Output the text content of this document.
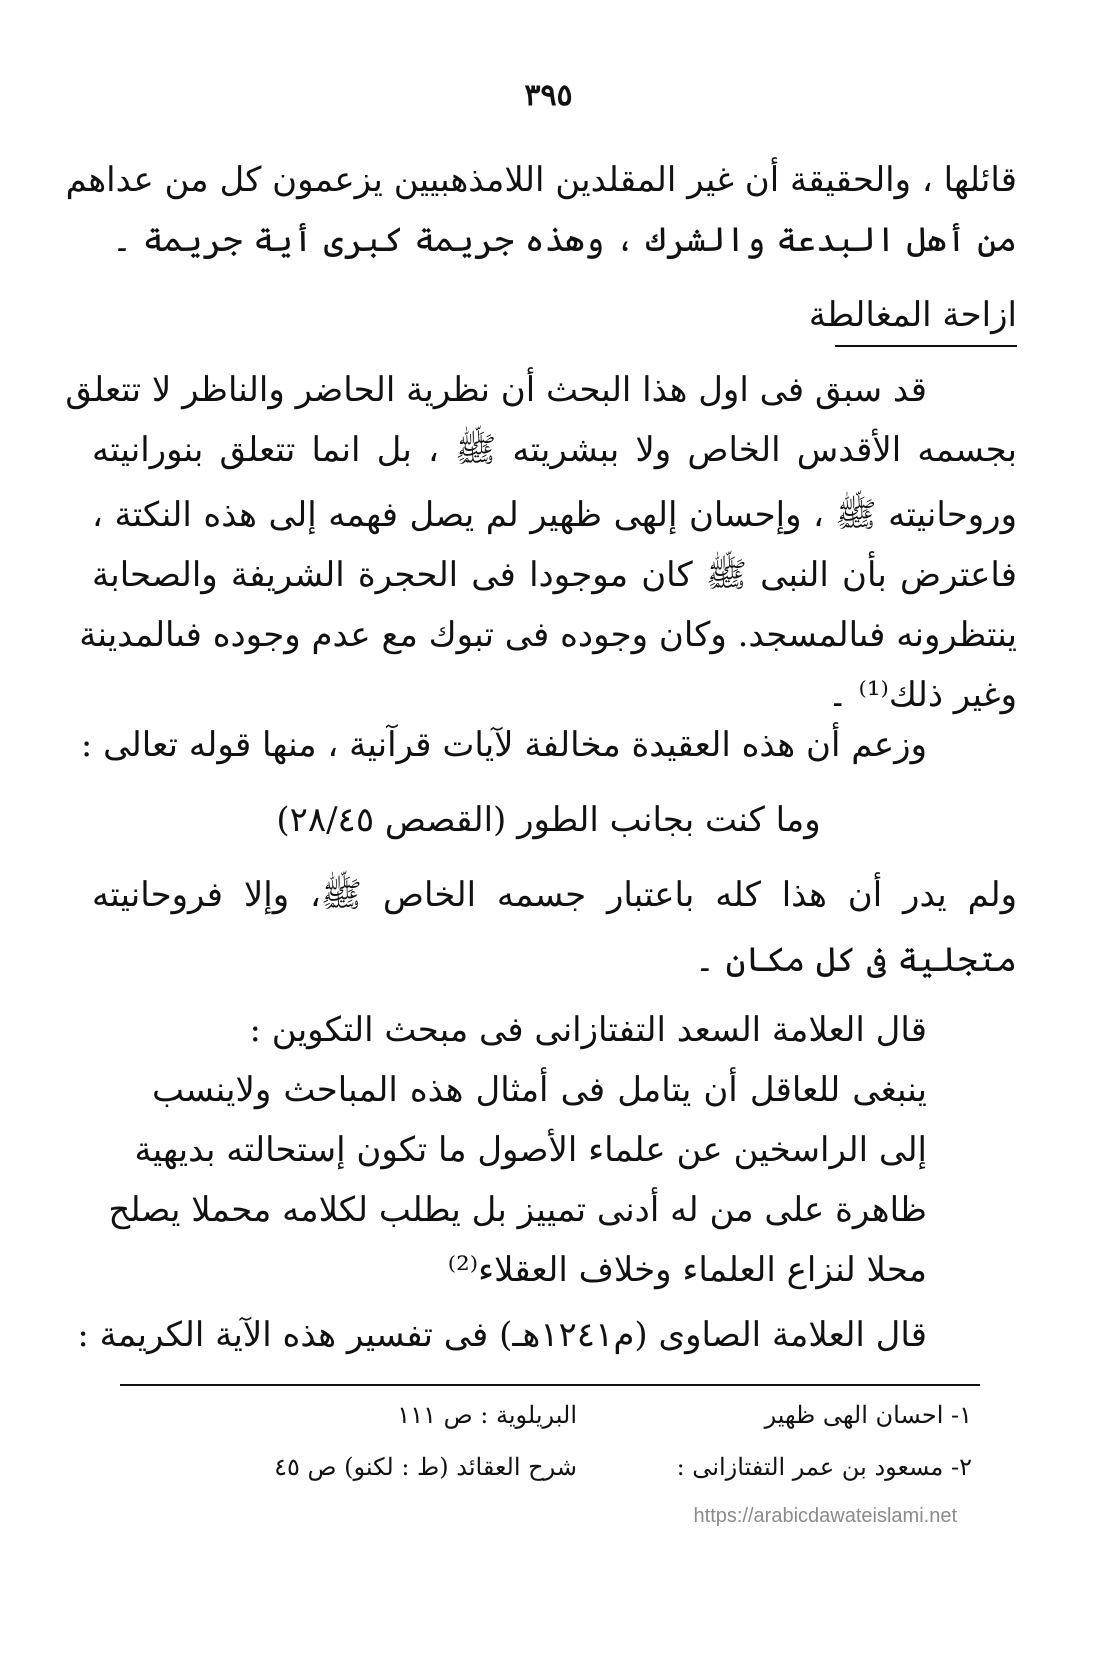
٣٩٥
قائلها ، والحقيقة أن غير المقلدين اللامذهبيين يزعمون كل من عداهم
من أهل البدعة والشرك ، وهذه جريمة كبرى أية جريمة ۔
ازاحة المغالطة
قد سبق فى اول هذا البحث أن نظرية الحاضر والناظر لا تتعلق
بجسمه الأقدس الخاص ولا ببشريته ﷺ ، بل انما تتعلق بنورانيته
وروحانيته ﷺ ، وإحسان إلهى ظهير لم يصل فهمه إلى هذه النكتة ،
فاعترض بأن النبى ﷺ كان موجودا فى الحجرة الشريفة والصحابة
ينتظرونه فىالمسجد. وكان وجوده فى تبوك مع عدم وجوده فىالمدينة
وغير ذلك⁽¹⁾ ۔
وزعم أن هذه العقيدة مخالفة لآيات قرآنية ، منها قوله تعالى :
وما كنت بجانب الطور (القصص ٢٨/٤٥)
ولم يدر أن هذا كله باعتبار جسمه الخاص ﷺ، وإلا فروحانيته
متجلية فى كل مكان ۔
قال العلامة السعد التفتازانى فى مبحث التكوين :
ينبغى للعاقل أن يتامل فى أمثال هذه المباحث ولاينسب
إلى الراسخين عن علماء الأصول ما تكون إستحالته بديهية
ظاهرة على من له أدنى تمييز بل يطلب لكلامه محملا يصلح
محلا لنزاع العلماء وخلاف العقلاء⁽²⁾
قال العلامة الصاوى (م١٢٤١هـ) فى تفسير هذه الآية الكريمة :
١- احسان الهى ظهير
البريلوية : ص ١١١
٢- مسعود بن عمر التفتازانى :
شرح العقائد (ط : لكنو) ص ٤٥
https://arabicdawateislami.net
